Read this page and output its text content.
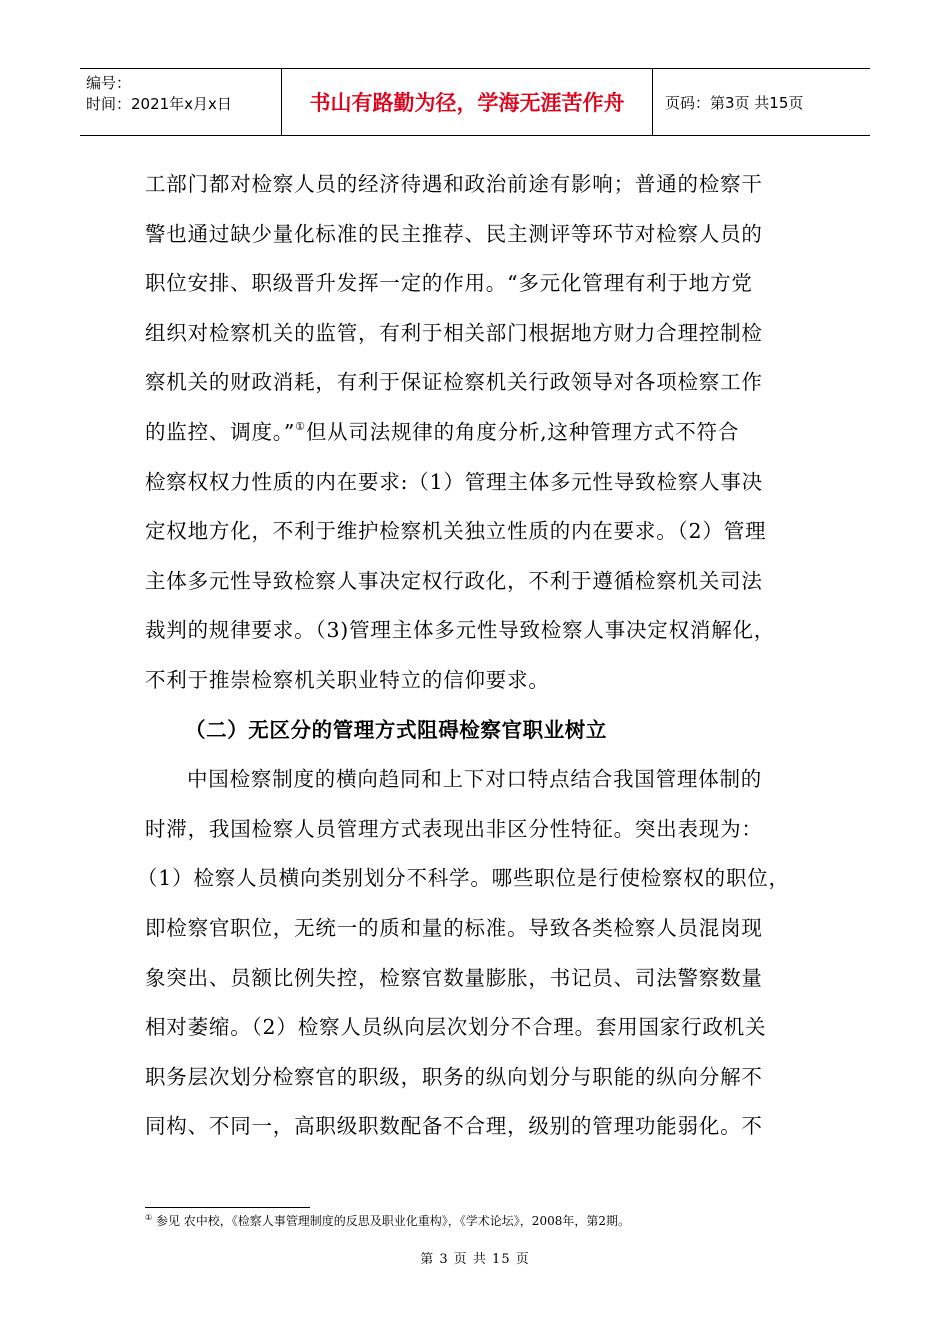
编号：
时间：2021年x月x日	书山有路勤为径，学海无涯苦作舟	页码：第3页 共15页
工部门都对检察人员的经济待遇和政治前途有影响；普通的检察干
警也通过缺少量化标准的民主推荐、民主测评等环节对检察人员的
职位安排、职级晋升发挥一定的作用。“多元化管理有利于地方党
组织对检察机关的监管，有利于相关部门根据地方财力合理控制检
察机关的财政消耗，有利于保证检察机关行政领导对各项检察工作
的监控、调度。”①但从司法规律的角度分析,这种管理方式不符合
检察权权力性质的内在要求:（1）管理主体多元性导致检察人事决
定权地方化，不利于维护检察机关独立性质的内在要求。（2）管理
主体多元性导致检察人事决定权行政化，不利于遵循检察机关司法
裁判的规律要求。（3)管理主体多元性导致检察人事决定权消解化，
不利于推崇检察机关职业特立的信仰要求。
（二）无区分的管理方式阻碍检察官职业树立
中国检察制度的横向趋同和上下对口特点结合我国管理体制的
时滞，我国检察人员管理方式表现出非区分性特征。突出表现为：
（1）检察人员横向类别划分不科学。哪些职位是行使检察权的职位，
即检察官职位，无统一的质和量的标准。导致各类检察人员混岗现
象突出、员额比例失控，检察官数量膨胀，书记员、司法警察数量
相对萎缩。（2）检察人员纵向层次划分不合理。套用国家行政机关
职务层次划分检察官的职级，职务的纵向划分与职能的纵向分解不
同构、不同一，高职级职数配备不合理，级别的管理功能弱化。不
① 参见 农中校，《检察人事管理制度的反思及职业化重构》，《学术论坛》，2008年，第2期。
第 3 页 共 15 页
